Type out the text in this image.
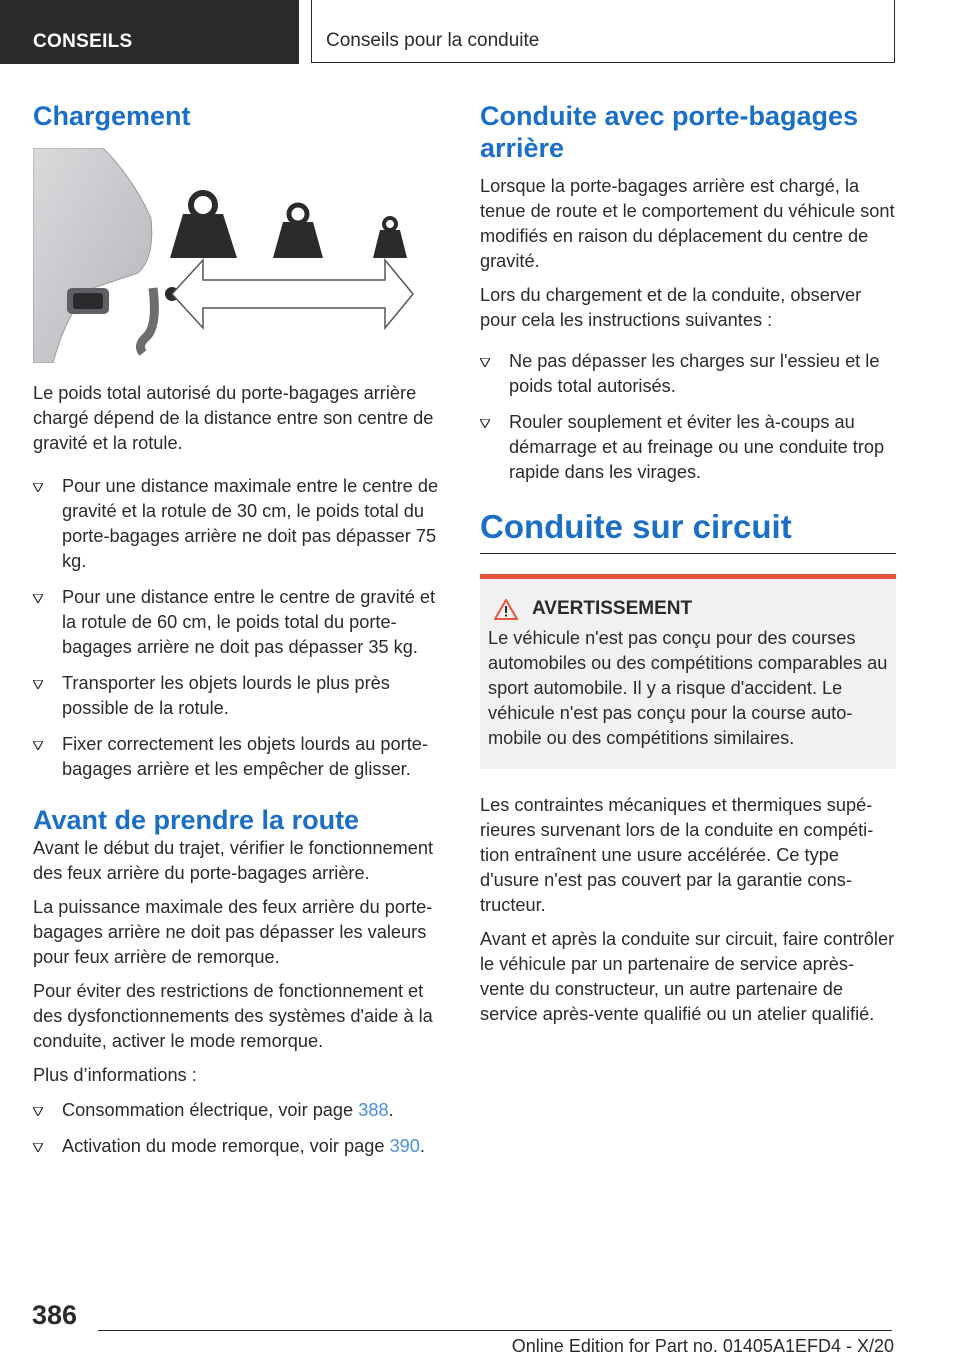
CONSEILS	Conseils pour la conduite
Chargement

Le poids total autorisé du porte-bagages arrière chargé dépend de la distance entre son centre de gravité et la rotule.

Pour une distance maximale entre le centre de gravité et la rotule de 30 cm, le poids total du porte-bagages arrière ne doit pas dépasser 75 kg.
Pour une distance entre le centre de gravité et la rotule de 60 cm, le poids total du porte-bagages arrière ne doit pas dépasser 35 kg.
Transporter les objets lourds le plus près possible de la rotule.
Fixer correctement les objets lourds au porte-bagages arrière et les empêcher de glisser.
Avant de prendre la route

Avant le début du trajet, vérifier le fonctionnement des feux arrière du porte-bagages arrière.

La puissance maximale des feux arrière du porte-bagages arrière ne doit pas dépasser les valeurs pour feux arrière de remorque.

Pour éviter des restrictions de fonctionnement et des dysfonctionnements des systèmes d'aide à la conduite, activer le mode remorque.

Plus d’informations :

Consommation électrique, voir page 388.
Activation du mode remorque, voir page 390.
Conduite avec porte-bagages arrière

Lorsque la porte-bagages arrière est chargé, la tenue de route et le comportement du véhicule sont modifiés en raison du déplacement du centre de gravité.

Lors du chargement et de la conduite, observer pour cela les instructions suivantes :

Ne pas dépasser les charges sur l'essieu et le poids total autorisés.
Rouler souplement et éviter les à-coups au démarrage et au freinage ou une conduite trop rapide dans les virages.
Conduite sur circuit
AVERTISSEMENT

Le véhicule n'est pas conçu pour des courses automobiles ou des compétitions comparables au sport automobile. Il y a risque d'accident. Le véhicule n'est pas conçu pour la course automobile ou des compétitions similaires.

Les contraintes mécaniques et thermiques supérieures survenant lors de la conduite en compétition entraînent une usure accélérée. Ce type d'usure n'est pas couvert par la garantie constructeur.

Avant et après la conduite sur circuit, faire contrôler le véhicule par un partenaire de service après-vente du constructeur, un autre partenaire de service après-vente qualifié ou un atelier qualifié.

386
Online Edition for Part no. 01405A1EFD4 - X/20
